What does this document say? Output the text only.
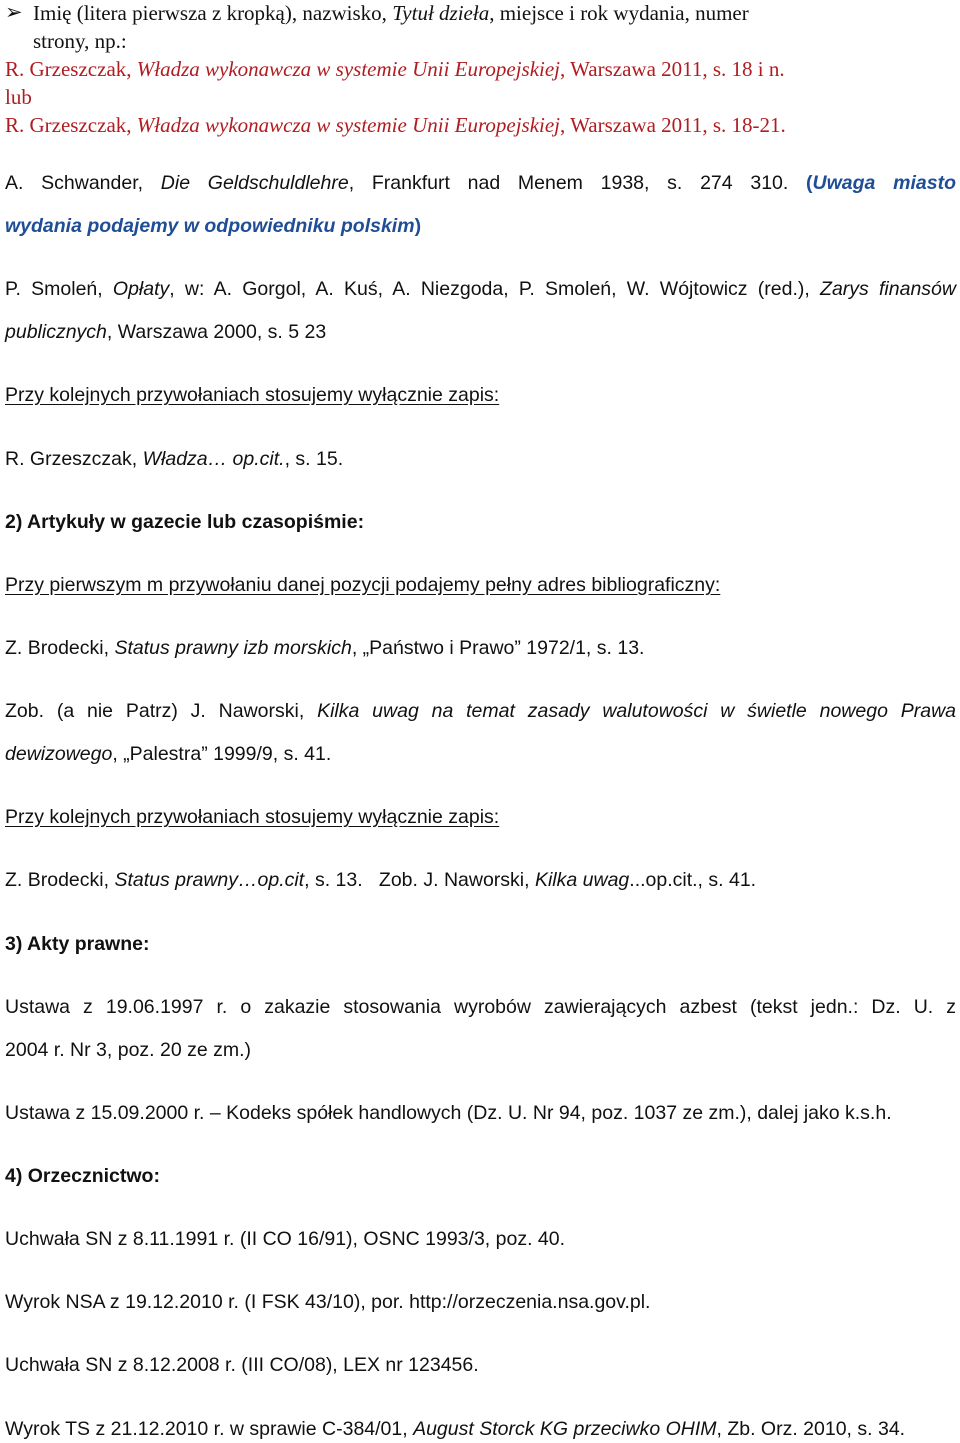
➢ Imię (litera pierwsza z kropką), nazwisko, Tytuł dzieła, miejsce i rok wydania, numer
strony, np.:
R. Grzeszczak, Władza wykonawcza w systemie Unii Europejskiej, Warszawa 2011, s. 18 i n.
lub
R. Grzeszczak, Władza wykonawcza w systemie Unii Europejskiej, Warszawa 2011, s. 18-21.
A. Schwander, Die Geldschuldlehre, Frankfurt nad Menem 1938, s. 274 310. (Uwaga miasto
wydania podajemy w odpowiedniku polskim)
P. Smoleń, Opłaty, w: A. Gorgol, A. Kuś, A. Niezgoda, P. Smoleń, W. Wójtowicz (red.), Zarys finansów
publicznych, Warszawa 2000, s. 5 23
Przy kolejnych przywołaniach stosujemy wyłącznie zapis:
R. Grzeszczak, Władza… op.cit., s. 15.
2) Artykuły w gazecie lub czasopiśmie:
Przy pierwszym m przywołaniu danej pozycji podajemy pełny adres bibliograficzny:
Z. Brodecki, Status prawny izb morskich, „Państwo i Prawo” 1972/1, s. 13.
Zob. (a nie Patrz) J. Naworski, Kilka uwag na temat zasady walutowości w świetle nowego Prawa
dewizowego, „Palestra” 1999/9, s. 41.
Przy kolejnych przywołaniach stosujemy wyłącznie zapis:
Z. Brodecki, Status prawny…op.cit, s. 13.   Zob. J. Naworski, Kilka uwag...op.cit., s. 41.
3) Akty prawne:
Ustawa z 19.06.1997 r. o zakazie stosowania wyrobów zawierających azbest (tekst jedn.: Dz. U. z
2004 r. Nr 3, poz. 20 ze zm.)
Ustawa z 15.09.2000 r. – Kodeks spółek handlowych (Dz. U. Nr 94, poz. 1037 ze zm.), dalej jako k.s.h.
4) Orzecznictwo:
Uchwała SN z 8.11.1991 r. (II CO 16/91), OSNC 1993/3, poz. 40.
Wyrok NSA z 19.12.2010 r. (I FSK 43/10), por. http://orzeczenia.nsa.gov.pl.
Uchwała SN z 8.12.2008 r. (III CO/08), LEX nr 123456.
Wyrok TS z 21.12.2010 r. w sprawie C-384/01, August Storck KG przeciwko OHIM, Zb. Orz. 2010, s. 34.
